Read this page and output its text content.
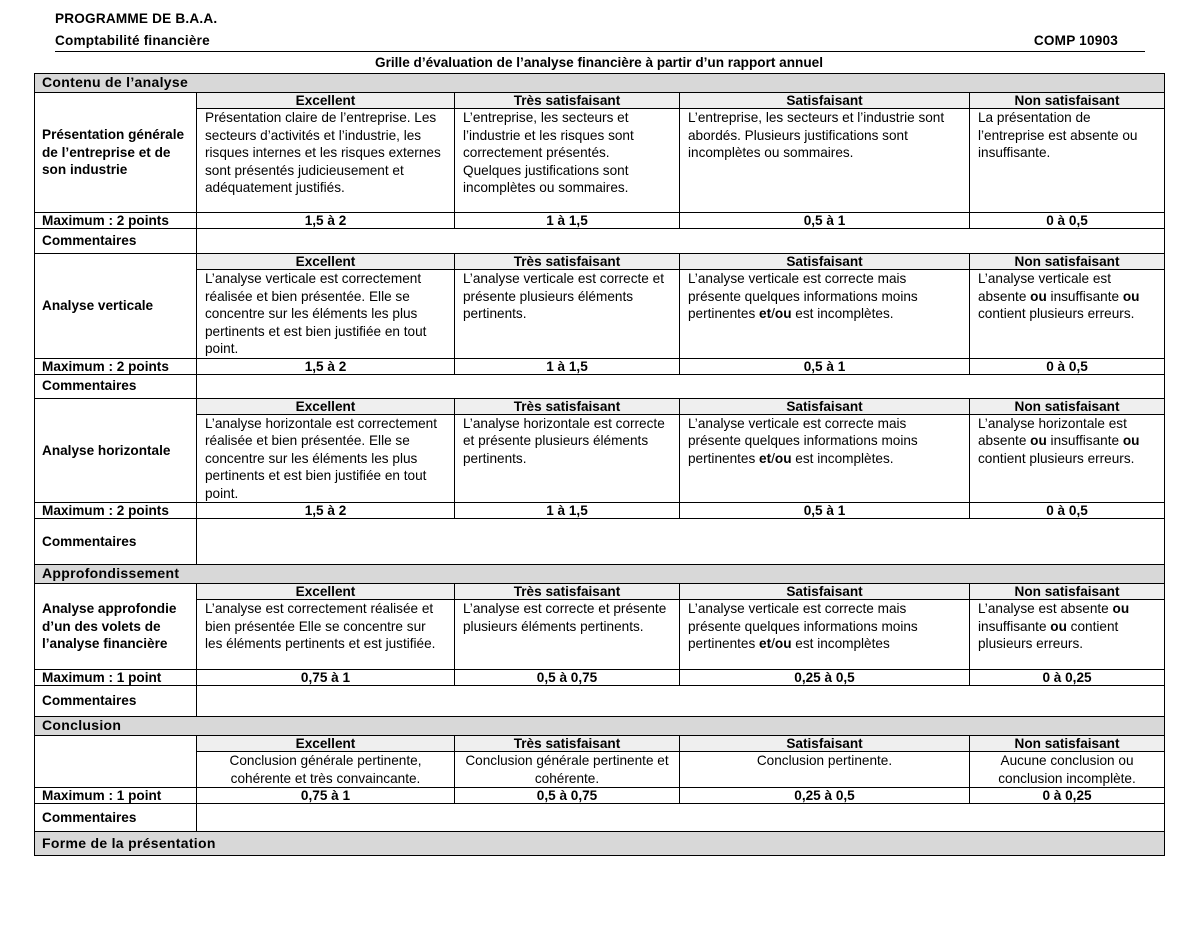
PROGRAMME DE B.A.A.
Comptabilité financière	COMP 10903
Grille d’évaluation de l’analyse financière à partir d’un rapport annuel
Contenu de l’analyse				
Présentation générale de l’entreprise et de son industrie	Excellent	Très satisfaisant	Satisfaisant	Non satisfaisant
	Présentation claire de l’entreprise. Les secteurs d’activités et l’industrie, les risques internes et les risques externes sont présentés judicieusement et adéquatement justifiés.	L’entreprise, les secteurs et l’industrie et les risques sont correctement présentés. Quelques justifications sont incomplètes ou sommaires.	L’entreprise, les secteurs et l’industrie sont abordés. Plusieurs justifications sont incomplètes ou sommaires.	La présentation de l’entreprise est absente ou insuffisante.
Maximum : 2 points	1,5 à 2	1 à 1,5	0,5 à 1	0 à 0,5
Commentaires				
Analyse verticale	Excellent	Très satisfaisant	Satisfaisant	Non satisfaisant
	L’analyse verticale est correctement réalisée et bien présentée. Elle se concentre sur les éléments les plus pertinents et est bien justifiée en tout point.	L’analyse verticale est correcte et présente plusieurs éléments pertinents.	L’analyse verticale est correcte mais présente quelques informations moins pertinentes et/ou est incomplètes.	L’analyse verticale est absente ou insuffisante ou contient plusieurs erreurs.
Maximum : 2 points	1,5 à 2	1 à 1,5	0,5 à 1	0 à 0,5
Commentaires				
Analyse horizontale	Excellent	Très satisfaisant	Satisfaisant	Non satisfaisant
	L’analyse horizontale est correctement réalisée et bien présentée. Elle se concentre sur les éléments les plus pertinents et est bien justifiée en tout point.	L’analyse horizontale est correcte et présente plusieurs éléments pertinents.	L’analyse verticale est correcte mais présente quelques informations moins pertinentes et/ou est incomplètes.	L’analyse horizontale est absente ou insuffisante ou contient plusieurs erreurs.
Maximum : 2 points	1,5 à 2	1 à 1,5	0,5 à 1	0 à 0,5
Commentaires				
Approfondissement				
Analyse approfondie d’un des volets de l’analyse financière	Excellent	Très satisfaisant	Satisfaisant	Non satisfaisant
	L’analyse est correctement réalisée et bien présentée Elle se concentre sur les éléments pertinents et est justifiée.	L’analyse est correcte et présente plusieurs éléments pertinents.	L’analyse verticale est correcte mais présente quelques informations moins pertinentes et/ou est incomplètes	L’analyse est absente ou insuffisante ou contient plusieurs erreurs.
Maximum : 1 point	0,75 à 1	0,5 à 0,75	0,25 à 0,5	0 à 0,25
Commentaires				
Conclusion				
	Excellent	Très satisfaisant	Satisfaisant	Non satisfaisant
	Conclusion générale pertinente, cohérente et très convaincante.	Conclusion générale pertinente et cohérente.	Conclusion pertinente.	Aucune conclusion ou conclusion incomplète.
Maximum : 1 point	0,75 à 1	0,5 à 0,75	0,25 à 0,5	0 à 0,25
Commentaires				
Forme de la présentation				
